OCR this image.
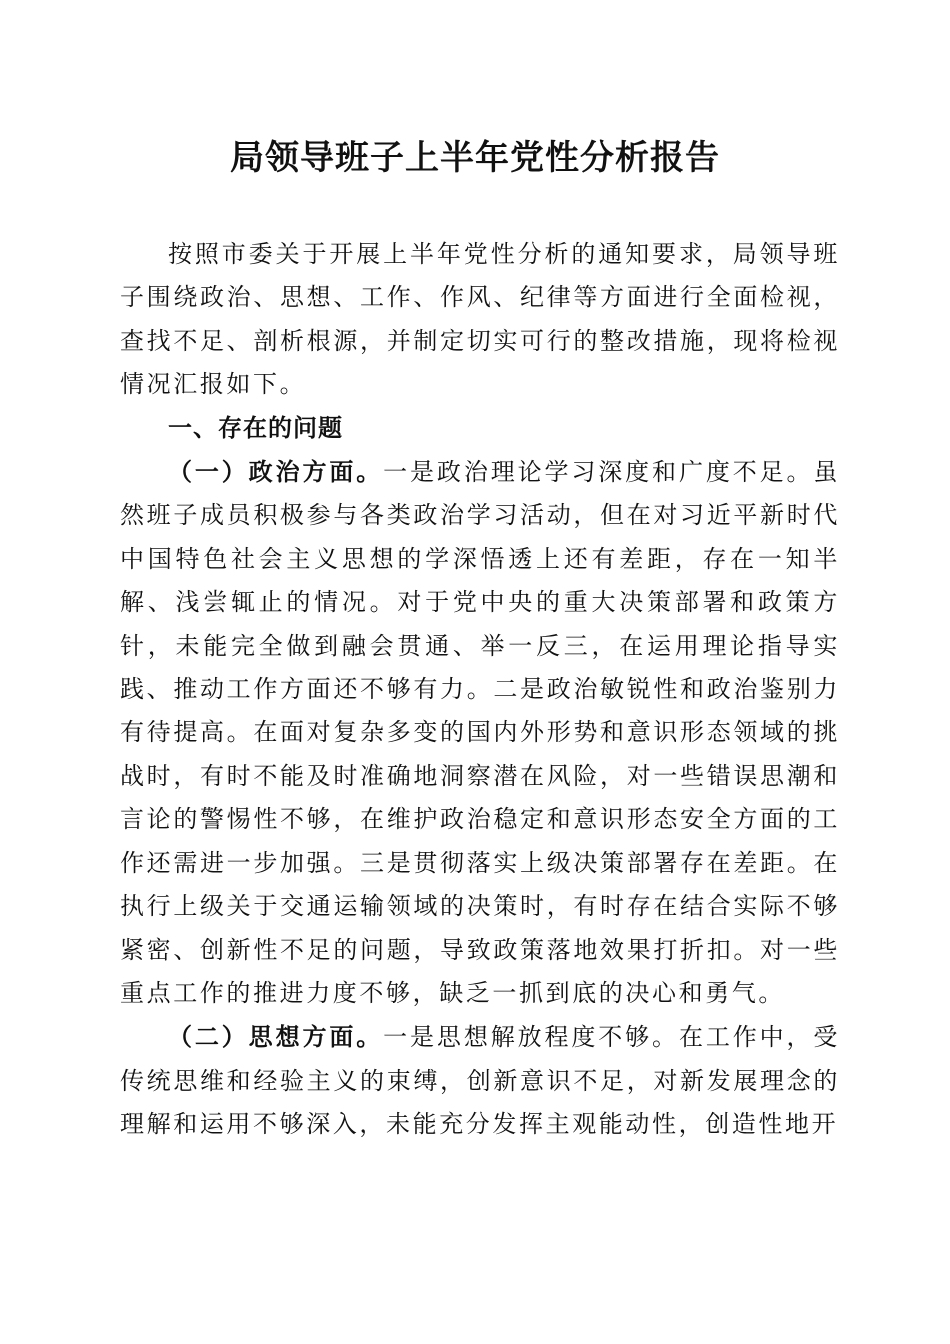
局领导班子上半年党性分析报告

按照市委关于开展上半年党性分析的通知要求，局领导班子围绕政治、思想、工作、作风、纪律等方面进行全面检视，查找不足、剖析根源，并制定切实可行的整改措施，现将检视情况汇报如下。

一、存在的问题

（一）政治方面。一是政治理论学习深度和广度不足。虽然班子成员积极参与各类政治学习活动，但在对习近平新时代中国特色社会主义思想的学深悟透上还有差距，存在一知半解、浅尝辄止的情况。对于党中央的重大决策部署和政策方针，未能完全做到融会贯通、举一反三，在运用理论指导实践、推动工作方面还不够有力。二是政治敏锐性和政治鉴别力有待提高。在面对复杂多变的国内外形势和意识形态领域的挑战时，有时不能及时准确地洞察潜在风险，对一些错误思潮和言论的警惕性不够，在维护政治稳定和意识形态安全方面的工作还需进一步加强。三是贯彻落实上级决策部署存在差距。在执行上级关于交通运输领域的决策时，有时存在结合实际不够紧密、创新性不足的问题，导致政策落地效果打折扣。对一些重点工作的推进力度不够，缺乏一抓到底的决心和勇气。

（二）思想方面。一是思想解放程度不够。在工作中，受传统思维和经验主义的束缚，创新意识不足，对新发展理念的理解和运用不够深入，未能充分发挥主观能动性，创造性地开
